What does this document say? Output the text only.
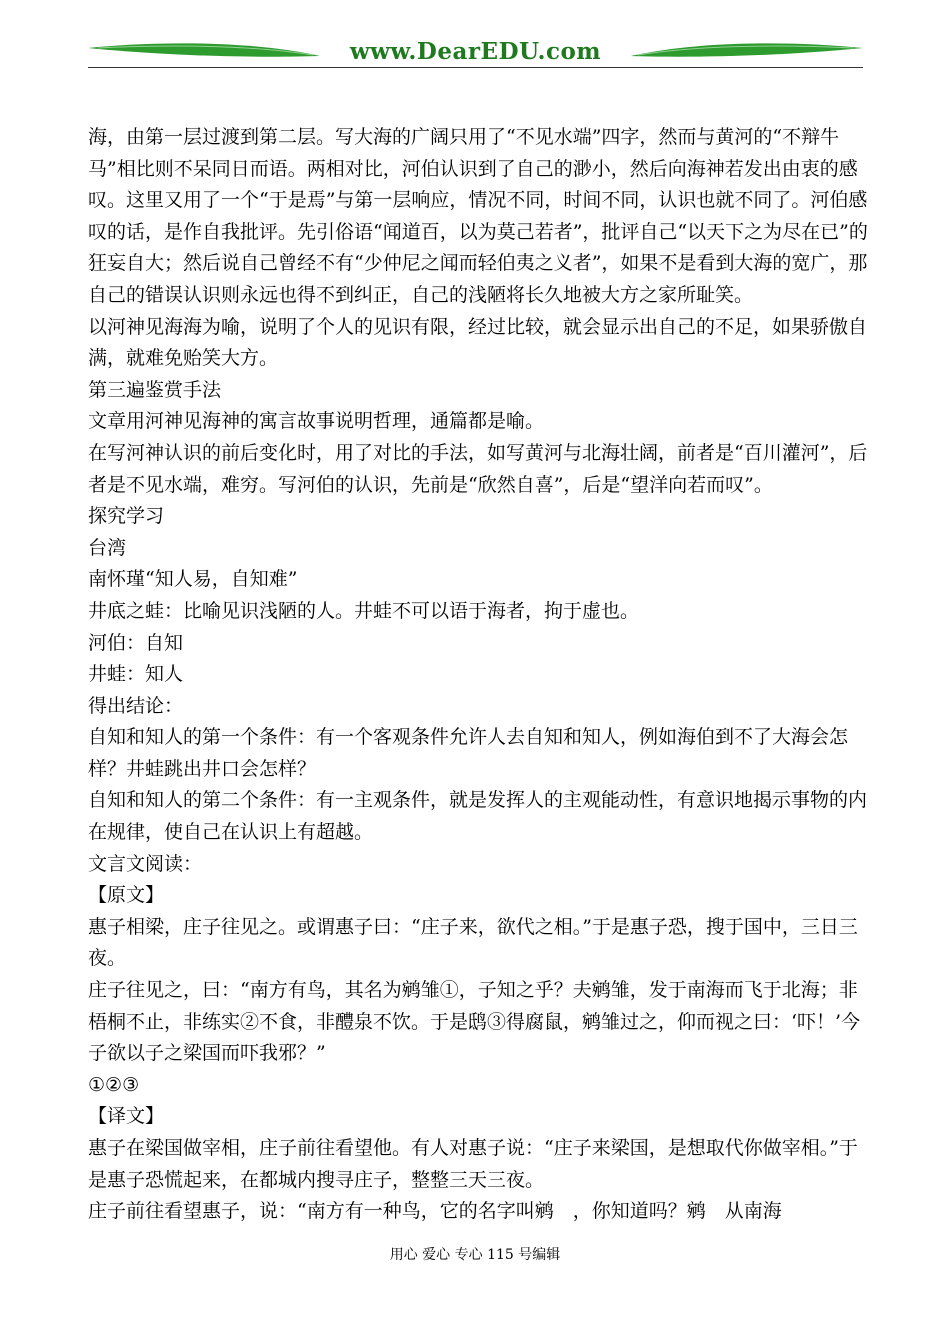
www.DearEDU.com

海，由第一层过渡到第二层。写大海的广阔只用了“不见水端”四字，然而与黄河的“不辩牛马”相比则不呆同日而语。两相对比，河伯认识到了自己的渺小，然后向海神若发出由衷的感叹。这里又用了一个“于是焉”与第一层响应，情况不同，时间不同，认识也就不同了。河伯感叹的话，是作自我批评。先引俗语“闻道百，以为莫己若者”，批评自己“以天下之为尽在已”的狂妄自大；然后说自己曾经不有“少仲尼之闻而轻伯夷之义者”，如果不是看到大海的宽广，那自己的错误认识则永远也得不到纠正，自己的浅陋将长久地被大方之家所耻笑。

以河神见海海为喻，说明了个人的见识有限，经过比较，就会显示出自己的不足，如果骄傲自满，就难免贻笑大方。

第三遍鉴赏手法

文章用河神见海神的寓言故事说明哲理，通篇都是喻。

在写河神认识的前后变化时，用了对比的手法，如写黄河与北海壮阔，前者是“百川灌河”，后者是不见水端，难穷。写河伯的认识，先前是“欣然自喜”，后是“望洋向若而叹”。

探究学习

台湾

南怀瑾“知人易，自知难”

井底之蛙：比喻见识浅陋的人。井蛙不可以语于海者，拘于虚也。

河伯：自知

井蛙：知人

得出结论：

自知和知人的第一个条件：有一个客观条件允许人去自知和知人，例如海伯到不了大海会怎样？井蛙跳出井口会怎样？

自知和知人的第二个条件：有一主观条件，就是发挥人的主观能动性，有意识地揭示事物的内在规律，使自己在认识上有超越。

文言文阅读：

【原文】

惠子相梁，庄子往见之。或谓惠子曰：“庄子来，欲代之相。”于是惠子恐，搜于国中，三日三夜。

庄子往见之，曰：“南方有鸟，其名为鹓雏①，子知之乎？夫鹓雏，发于南海而飞于北海；非梧桐不止，非练实②不食，非醴泉不饮。于是鸱③得腐鼠，鹓雏过之，仰而视之曰：‘吓！’今子欲以子之梁国而吓我邪？”

①②③

【译文】

惠子在梁国做宰相，庄子前往看望他。有人对惠子说：“庄子来梁国，是想取代你做宰相。”于是惠子恐慌起来，在都城内搜寻庄子，整整三天三夜。

庄子前往看望惠子，说：“南方有一种鸟，它的名字叫鹓　，你知道吗？鹓　从南海

用心 爱心 专心 115 号编辑
